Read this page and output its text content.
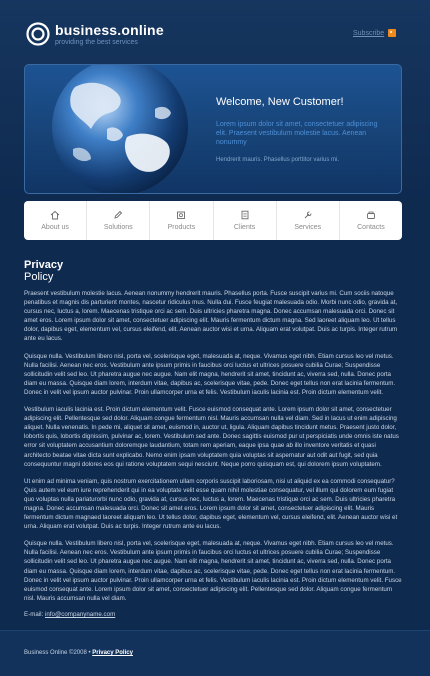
business.online
providing the best services
Subscribe
Welcome, New Customer!
Lorem ipsum dolor sit amet, consectetuer adipiscing elit. Praesent vestibulum molestie lacus. Aenean nonummy
Hendrerit mauris. Phasellus porttitor varius mi.
About us	Solutions	Products	Clients	Services	Contacts
Privacy
Policy

Praesent vestibulum molestie lacus. Aenean nonummy hendrerit mauris. Phasellus porta. Fusce suscipit varius mi. Cum sociis natoque penatibus et magnis dis parturient montes, nascetur ridiculus mus. Nulla dui. Fusce feugiat malesuada odio. Morbi nunc odio, gravida at, cursus nec, luctus a, lorem. Maecenas tristique orci ac sem. Duis ultricies pharetra magna. Donec accumsan malesuada orci. Donec sit amet eros. Lorem ipsum dolor sit amet, consectetuer adipiscing elit. Mauris fermentum dictum magna. Sed laoreet aliquam leo. Ut tellus dolor, dapibus eget, elementum vel, cursus eleifend, elit. Aenean auctor wisi et urna. Aliquam erat volutpat. Duis ac turpis. Integer rutrum ante eu lacus.

Quisque nulla. Vestibulum libero nisl, porta vel, scelerisque eget, malesuada at, neque. Vivamus eget nibh. Etiam cursus leo vel metus. Nulla facilisi. Aenean nec eros. Vestibulum ante ipsum primis in faucibus orci luctus et ultrices posuere cubilia Curae; Suspendisse sollicitudin velit sed leo. Ut pharetra augue nec augue. Nam elit magna, hendrerit sit amet, tincidunt ac, viverra sed, nulla. Donec porta diam eu massa. Quisque diam lorem, interdum vitae, dapibus ac, scelerisque vitae, pede. Donec eget tellus non erat lacinia fermentum. Donec in velit vel ipsum auctor pulvinar. Proin ullamcorper urna et felis. Vestibulum iaculis lacinia est. Proin dictum elementum velit.

Vestibulum iaculis lacinia est. Proin dictum elementum velit. Fusce euismod consequat ante. Lorem ipsum dolor sit amet, consectetuer adipiscing elit. Pellentesque sed dolor. Aliquam congue fermentum nisl. Mauris accumsan nulla vel diam. Sed in lacus ut enim adipiscing aliquet. Nulla venenatis. In pede mi, aliquet sit amet, euismod in, auctor ut, ligula. Aliquam dapibus tincidunt metus. Praesent justo dolor, lobortis quis, lobortis dignissim, pulvinar ac, lorem. Vestibulum sed ante. Donec sagittis euismod pur ut perspiciatis unde omnis iste natus error sit voluptatem accusantium doloremque laudantium, totam rem aperiam, eaque ipsa quae ab illo inventore veritatis et quasi architecto beatae vitae dicta sunt explicabo. Nemo enim ipsam voluptatem quia voluptas sit aspernatur aut odit aut fugit, sed quia consequuntur magni dolores eos qui ratione voluptatem sequi nesciunt. Neque porro quisquam est, qui dolorem ipsum voluptatem.

Ut enim ad minima veniam, quis nostrum exercitationem ullam corporis suscipit laboriosam, nisi ut aliquid ex ea commodi consequatur? Quis autem vel eum iure reprehenderit qui in ea voluptate velit esse quam nihil molestiae consequatur, vel illum qui dolorem eum fugiat quo voluptas nulla pariaturorbi nunc odio, gravida at, cursus nec, luctus a, lorem. Maecenas tristique orci ac sem. Duis ultricies pharetra magna. Donec accumsan malesuada orci. Donec sit amet eros. Lorem ipsum dolor sit amet, consectetuer adipiscing elit. Mauris fermentum dictum magnaed laoreet aliquam leo. Ut tellus dolor, dapibus eget, elementum vel, cursus eleifend, elit. Aenean auctor wisi et urna. Aliquam erat volutpat. Duis ac turpis. Integer rutrum ante eu lacus.

Quisque nulla. Vestibulum libero nisl, porta vel, scelerisque eget, malesuada at, neque. Vivamus eget nibh. Etiam cursus leo vel metus. Nulla facilisi. Aenean nec eros. Vestibulum ante ipsum primis in faucibus orci luctus et ultrices posuere cubilia Curae; Suspendisse sollicitudin velit sed leo. Ut pharetra augue nec augue. Nam elit magna, hendrerit sit amet, tincidunt ac, viverra sed, nulla. Donec porta diam eu massa. Quisque diam lorem, interdum vitae, dapibus ac, scelerisque vitae, pede. Donec eget tellus non erat lacinia fermentum. Donec in velit vel ipsum auctor pulvinar. Proin ullamcorper urna et felis. Vestibulum iaculis lacinia est. Proin dictum elementum velit. Fusce euismod consequat ante. Lorem ipsum dolor sit amet, consectetuer adipiscing elit. Pellentesque sed dolor. Aliquam congue fermentum nisl. Mauris accumsan nulla vel diam.

E-mail: info@companyname.com
Business Online ©2008 • Privacy Policy
